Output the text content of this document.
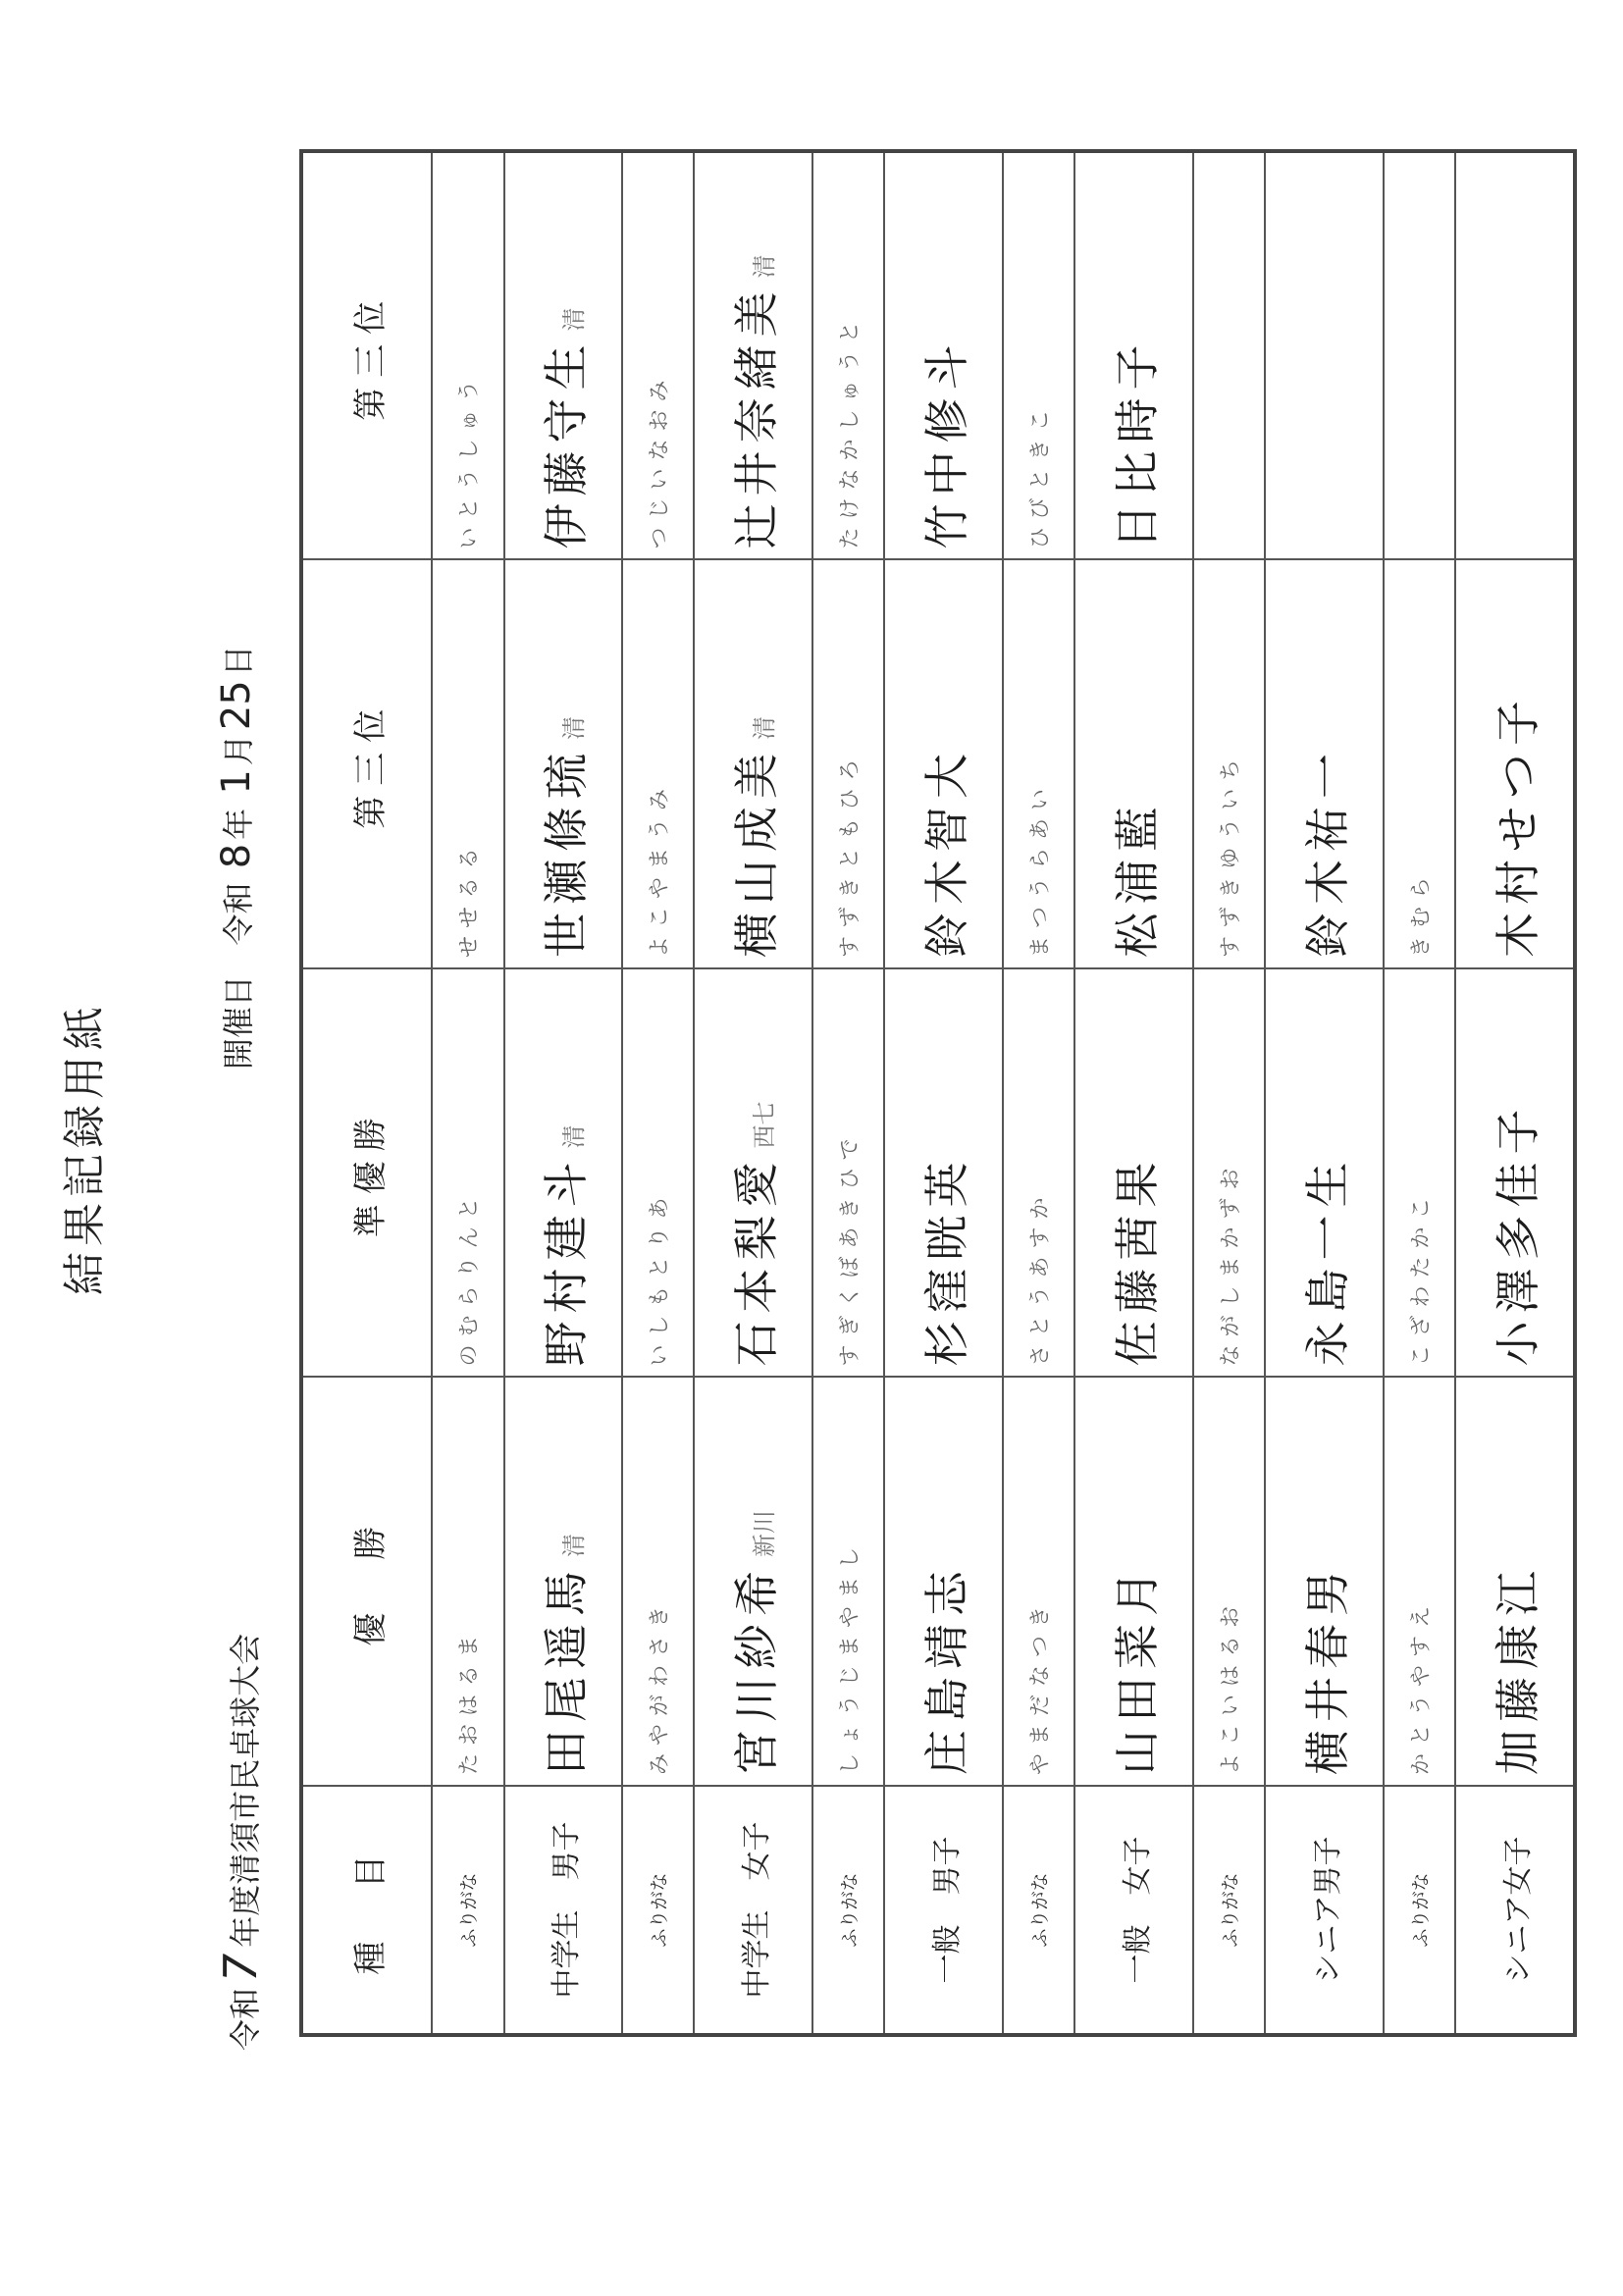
結果記録用紙
令和7年度清須市民卓球大会
開催日   令和 8年 1月25日
種　目	優　勝	準優勝	第三位	第三位
ふりがな	たおはるま	のむらりんと	せせるる	いとうしゅう
中学生　男子	田尾遥馬清	野村建斗清	世瀬條琉清	伊藤守生清
ふりがな	みやがわさき	いしもとりあ	よこやまうみ	つじいなおみ
中学生　女子	宮川紗希新川	石本梨愛西七	横山成美清	辻井奈緒美清
ふりがな	しょうじまやまし	すぎくぼあきひで	すずきともひろ	たけなかしゅうと
一般　男子	庄島靖志	杉窪晄英	鈴木智大	竹中修斗
ふりがな	やまだなつき	さとうあすか	まつうらあい	ひびときこ
一般　女子	山田菜月	佐藤茜果	松浦藍	日比時子
ふりがな	よこいはるお	ながしまかずお	すずきゆういち	
シニア男子	横井春男	永島一生	鈴木祐一	
ふりがな	かとうやすえ	こざわたかこ	きむら	
シニア女子	加藤康江	小澤多佳子	木村せつ子	
